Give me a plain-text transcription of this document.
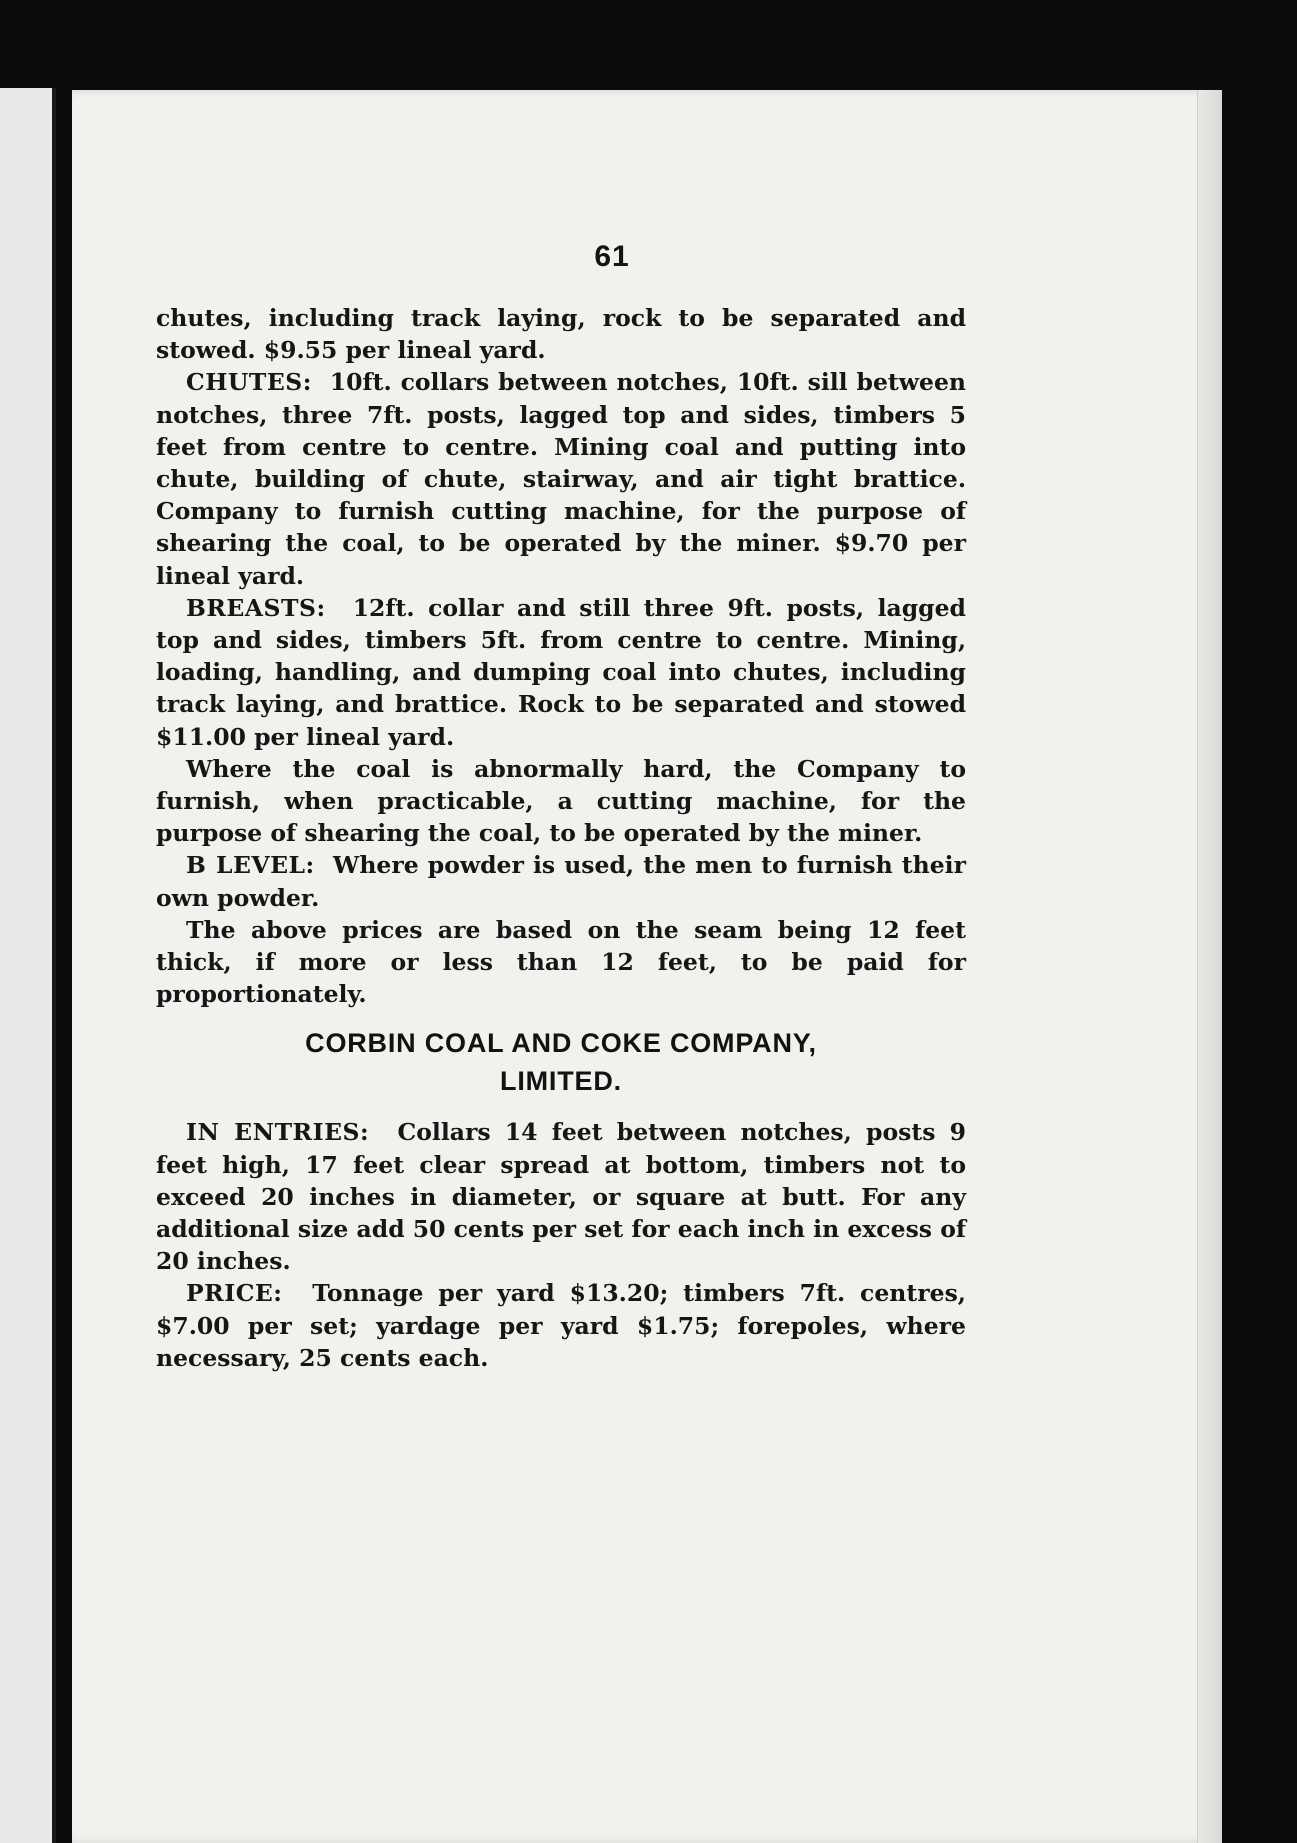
61

chutes, including track laying, rock to be separated and stowed. $9.55 per lineal yard.

CHUTES: 10ft. collars between notches, 10ft. sill between notches, three 7ft. posts, lagged top and sides, timbers 5 feet from centre to centre. Mining coal and putting into chute, building of chute, stairway, and air tight brattice. Company to furnish cutting machine, for the purpose of shearing the coal, to be operated by the miner. $9.70 per lineal yard.

BREASTS: 12ft. collar and still three 9ft. posts, lagged top and sides, timbers 5ft. from centre to centre. Mining, loading, handling, and dumping coal into chutes, including track laying, and brattice. Rock to be separated and stowed $11.00 per lineal yard.

Where the coal is abnormally hard, the Company to furnish, when practicable, a cutting machine, for the purpose of shearing the coal, to be operated by the miner.

B LEVEL: Where powder is used, the men to furnish their own powder.

The above prices are based on the seam being 12 feet thick, if more or less than 12 feet, to be paid for proportionately.

CORBIN COAL AND COKE COMPANY,
LIMITED.

IN ENTRIES: Collars 14 feet between notches, posts 9 feet high, 17 feet clear spread at bottom, timbers not to exceed 20 inches in diameter, or square at butt. For any additional size add 50 cents per set for each inch in excess of 20 inches.

PRICE: Tonnage per yard $13.20; timbers 7ft. centres, $7.00 per set; yardage per yard $1.75; forepoles, where necessary, 25 cents each.
